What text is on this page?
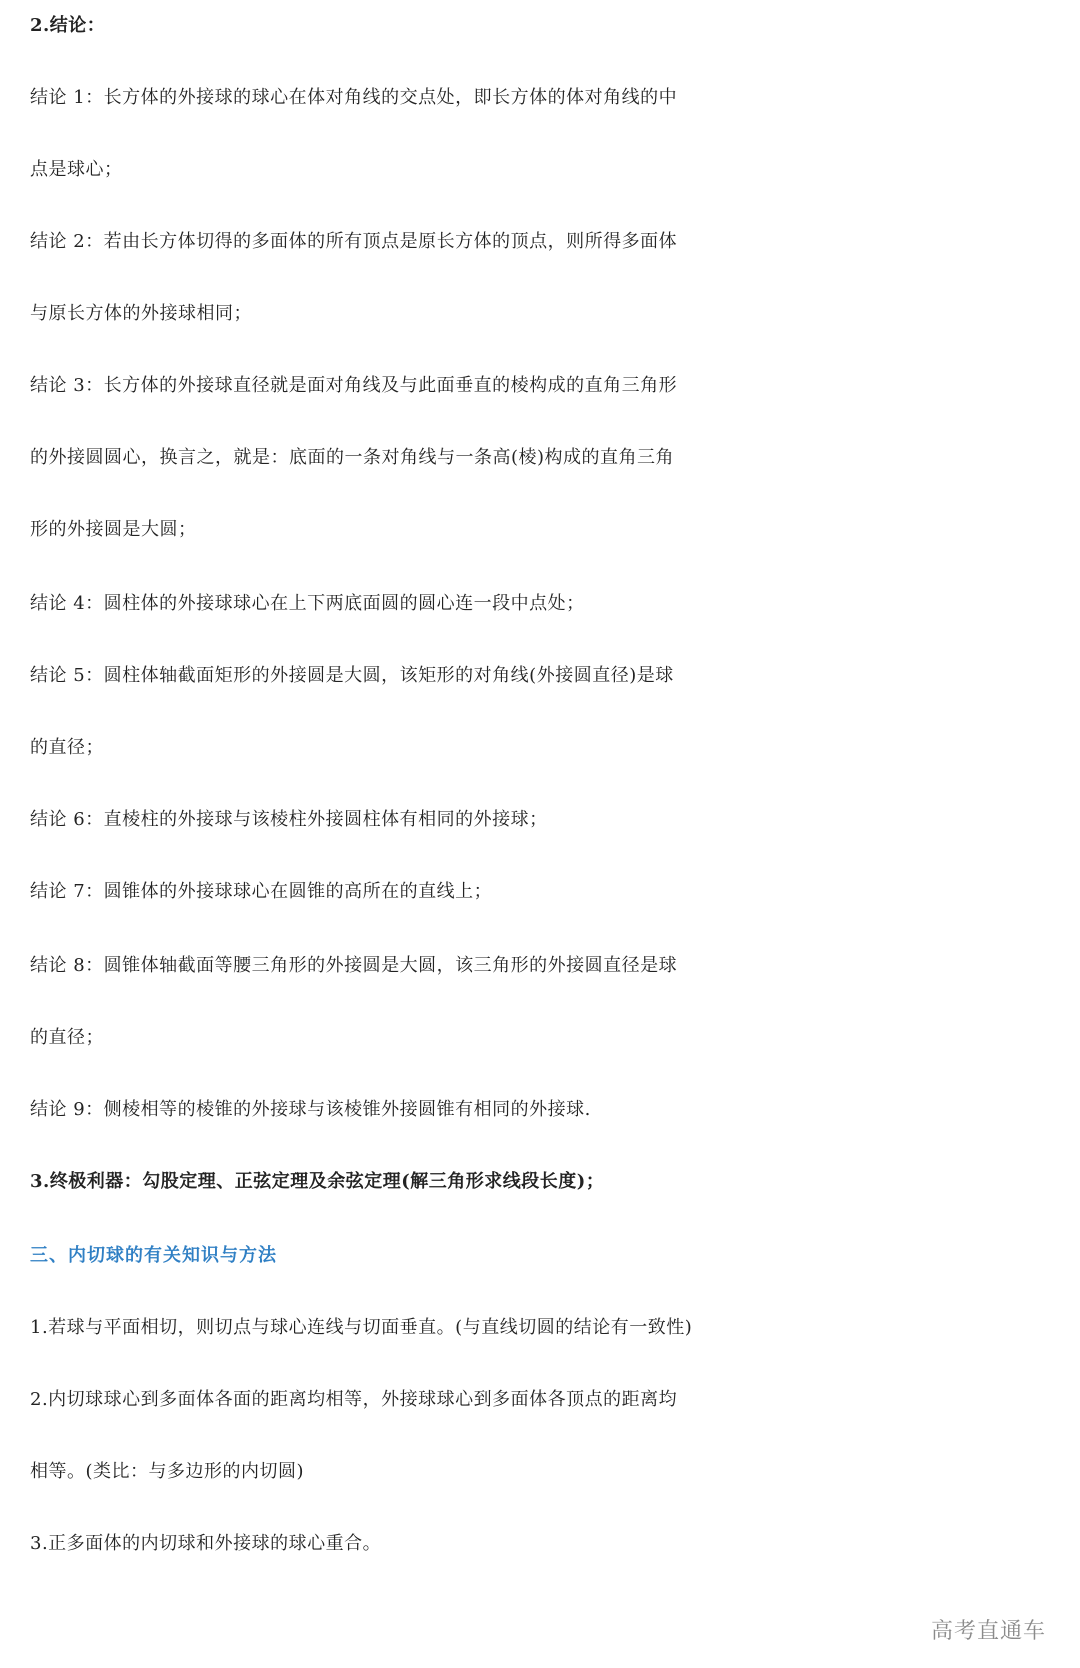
2.结论：
结论 1：长方体的外接球的球心在体对角线的交点处，即长方体的体对角线的中
点是球心；
结论 2：若由长方体切得的多面体的所有顶点是原长方体的顶点，则所得多面体
与原长方体的外接球相同；
结论 3：长方体的外接球直径就是面对角线及与此面垂直的棱构成的直角三角形
的外接圆圆心，换言之，就是：底面的一条对角线与一条高(棱)构成的直角三角
形的外接圆是大圆；
结论 4：圆柱体的外接球球心在上下两底面圆的圆心连一段中点处；
结论 5：圆柱体轴截面矩形的外接圆是大圆，该矩形的对角线(外接圆直径)是球
的直径；
结论 6：直棱柱的外接球与该棱柱外接圆柱体有相同的外接球；
结论 7：圆锥体的外接球球心在圆锥的高所在的直线上；
结论 8：圆锥体轴截面等腰三角形的外接圆是大圆，该三角形的外接圆直径是球
的直径；
结论 9：侧棱相等的棱锥的外接球与该棱锥外接圆锥有相同的外接球.
3.终极利器：勾股定理、正弦定理及余弦定理(解三角形求线段长度)；
三、内切球的有关知识与方法
1.若球与平面相切，则切点与球心连线与切面垂直。(与直线切圆的结论有一致性)
2.内切球球心到多面体各面的距离均相等，外接球球心到多面体各顶点的距离均
相等。(类比：与多边形的内切圆)
3.正多面体的内切球和外接球的球心重合。
高考直通车
